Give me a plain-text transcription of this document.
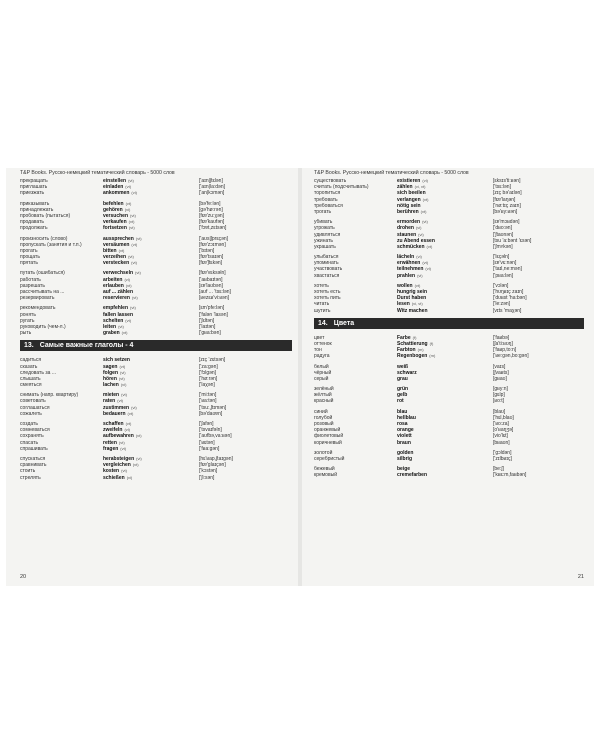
T&P Books. Русско-немецкий тематический словарь - 5000 слов
прекращать	einstellen (vt)	['aɪn|ʃtɛlən]
приглашать	einladen (vt)	['aɪn|la:dən]
приезжать	ankommen (vi)	['an|kɔmən]
приказывать	befehlen (vt)	[bə'fe:lən]
принадлежать	gehören (vi)	[gə'hø:rən]
пробовать (пытаться)	versuchen (vt)	[fɛɐ'zu:χən]
продавать	verkaufen (vt)	[fɛɐ'kaʊfən]
продолжать	fortsetzen (vt)	['fɔɐt,zɛtsən]
произносить (слово)	aussprechen (vt)	['aʊs|ʃprɛçən]
пропускать (занятия и т.п.)	versäumen (vt)	[fɛɐ'zɔɪmən]
прогать	bitten (vt)	['bɪtən]
прощать	verzeihen (vt)	[fɛɐ'tsaɪən]
прятать	verstecken (vt)	[fɛɐ'ʃtɛkən]
путать (ошибаться)	verwechseln (vt)	[fɛɐ'vɛksəln]
работать	arbeiten (vi)	['aʁbaɪtən]
разрешать	erlauben (vt)	[ɛɐ'laʊbən]
рассчитывать на ...	auf ... zählen	[aʊf ... 'tsɛ:lən]
резервировать	reservieren (vt)	[ʁezɛʁ'vi:ʁən]
рекомендовать	empfehlen (vt)	[ɛm'pfe:lən]
ронять	fallen lassen	['falən 'lasən]
ругать	schelten (vt)	['ʃɛltən]
руководить (чем-л.)	leiten (vt)	['laɪtən]
рыть	graben (vt)	['gʁa:bən]
13. Самые важные глаголы - 4
садиться	sich setzen	[zɪç 'zɛtsən]
сказать	sagen (vt)	['za:gən]
следовать за ...	folgen (vi)	['fɔlgən]
слышать	hören (vt)	['hø:rən]
смеяться	lachen (vi)	['laχən]
снимать (напр. квартиру)	mieten (vt)	['mi:tən]
советовать	raten (vt)	['ʁa:tən]
соглашаться	zustimmen (vi)	['tsu:,ʃtɪmən]
сожалеть	bedauern (vt)	[bə'daʊɐn]
создать	schaffen (vt)	['ʃafən]
сомневаться	zweifeln (vi)	['tsvaɪfəln]
сохранять	aufbewahren (vt)	['aʊfbə,va:ʁən]
спасать	retten (vt)	['ʁɛtən]
спрашивать	fragen (vt)	['fʁa:gən]
спускаться	herabsteigen (vi)	[hɛ'ʁap,ʃtaɪgən]
сравнивать	vergleichen (vt)	[fɛɐ'glaɪçən]
стоить	kosten (vt)	['kɔstən]
стрелять	schießen (vi)	['ʃi:sən]
20
T&P Books. Русско-немецкий тематический словарь - 5000 слов
существовать	existieren (vi)	[ɛksɪs'ti:ʁən]
считать (подсчитывать)	zählen (vi, vt)	['tsɛ:lən]
торопиться	sich beeilen	[zɪç bə'aɪlən]
требовать	verlangen (vt)	[fɛɐ'laŋən]
требоваться	nötig sein	['nø:tɪç zaɪn]
трогать	berühren (vt)	[bə'ʁy:ʁən]
убивать	ermorden (vt)	[ɛɐ'mɔʁdən]
угрожать	drohen (vi)	['dʁo:ən]
удивляться	staunen (vi)	['ʃtaʊnən]
ужинать	zu Abend essen	[tsu 'a:bənt 'ɛsən]
украшать	schmücken (vt)	['ʃmʏkən]
улыбаться	lächeln (vi)	['lɛçəln]
упоминать	erwähnen (vt)	[ɛɐ'vɛ:nən]
участвовать	teilnehmen (vi)	['taɪl,ne:mən]
хвастаться	prahlen (vi)	['pʁa:lən]
хотеть	wollen (vt)	['vɔlən]
хотеть есть	hungrig sein	['hʊŋʁɪç zaɪn]
хотеть пить	Durst haben	['dʊʁst 'ha:bən]
читать	lesen (vi, vt)	['le:zən]
шутить	Witz machen	[vɪts 'maχən]
14. Цвета
цвет	Farbe (f)	['faʁbə]
оттенок	Schattierung (f)	[ʃa'ti:ʁʊŋ]
тон	Farbton (m)	['faʁp,to:n]
радуга	Regenbogen (m)	['ʁe:gən,bo:gən]
белый	weiß	[vaɪs]
чёрный	schwarz	[ʃvaʁts]
серый	grau	[gʁaʊ]
зелёный	grün	[gʁy:n]
жёлтый	gelb	[gɛlp]
красный	rot	[ʁo:t]
синий	blau	[blaʊ]
голубой	hellblau	['hɛl,blaʊ]
розовый	rosa	['ʁo:za]
оранжевый	orange	[o'ʁaŋʒə]
фиолетовый	violett	[vio'lɛt]
коричневый	braun	[bʁaʊn]
золотой	golden	['gɔldən]
серебристый	silbrig	['zɪlbʁɪç]
бежевый	beige	[be:ʃ]
кремовый	cremefarben	['kʁɛ:m,faʁbən]
21
